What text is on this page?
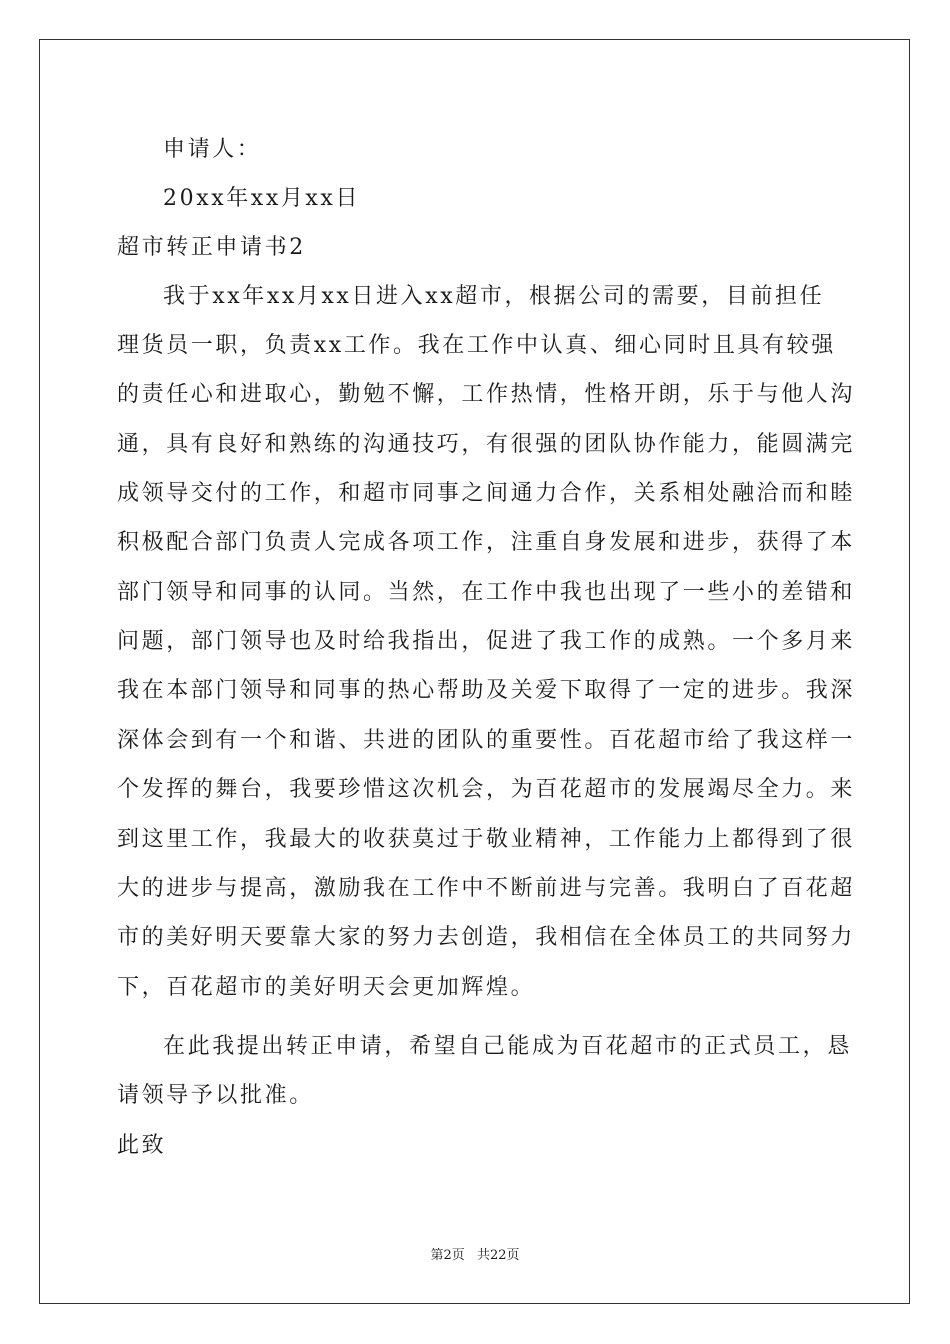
申请人：
20xx年xx月xx日
超市转正申请书2
我于xx年xx月xx日进入xx超市，根据公司的需要，目前担任
理货员一职，负责xx工作。我在工作中认真、细心同时且具有较强
的责任心和进取心，勤勉不懈，工作热情，性格开朗，乐于与他人沟
通，具有良好和熟练的沟通技巧，有很强的团队协作能力，能圆满完
成领导交付的工作，和超市同事之间通力合作，关系相处融洽而和睦
积极配合部门负责人完成各项工作，注重自身发展和进步，获得了本
部门领导和同事的认同。当然，在工作中我也出现了一些小的差错和
问题，部门领导也及时给我指出，促进了我工作的成熟。一个多月来
我在本部门领导和同事的热心帮助及关爱下取得了一定的进步。我深
深体会到有一个和谐、共进的团队的重要性。百花超市给了我这样一
个发挥的舞台，我要珍惜这次机会，为百花超市的发展竭尽全力。来
到这里工作，我最大的收获莫过于敬业精神，工作能力上都得到了很
大的进步与提高，激励我在工作中不断前进与完善。我明白了百花超
市的美好明天要靠大家的努力去创造，我相信在全体员工的共同努力
下，百花超市的美好明天会更加辉煌。
在此我提出转正申请，希望自己能成为百花超市的正式员工，恳
请领导予以批准。
此致
第2页 共22页
